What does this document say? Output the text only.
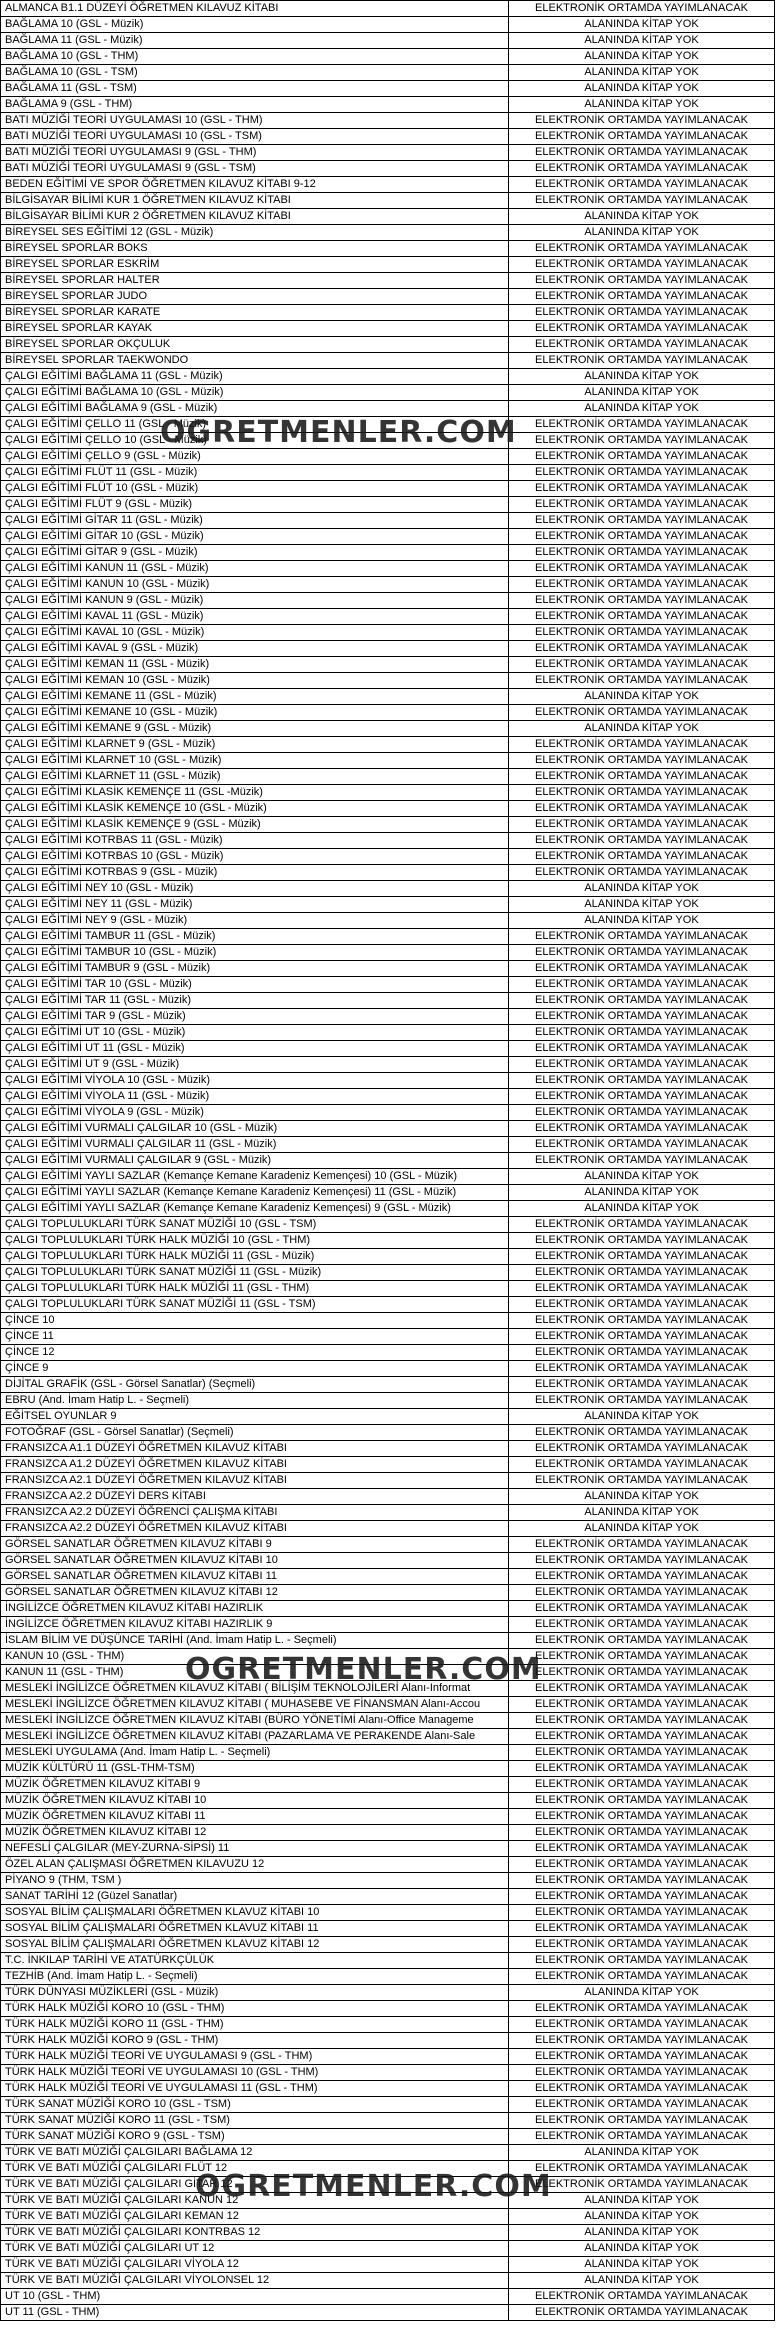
ALMANCA B1.1 DÜZEYİ ÖĞRETMEN KILAVUZ KİTABI	ELEKTRONİK ORTAMDA YAYIMLANACAK
BAĞLAMA 10 (GSL - Müzik)	ALANINDA KİTAP YOK
BAĞLAMA 11 (GSL - Müzik)	ALANINDA KİTAP YOK
BAĞLAMA 10 (GSL - THM)	ALANINDA KİTAP YOK
BAĞLAMA 10 (GSL - TSM)	ALANINDA KİTAP YOK
BAĞLAMA 11 (GSL - TSM)	ALANINDA KİTAP YOK
BAĞLAMA 9 (GSL - THM)	ALANINDA KİTAP YOK
BATI MÜZİĞİ TEORİ UYGULAMASI 10 (GSL - THM)	ELEKTRONİK ORTAMDA YAYIMLANACAK
BATI MÜZİĞİ TEORİ UYGULAMASI 10 (GSL - TSM)	ELEKTRONİK ORTAMDA YAYIMLANACAK
BATI MÜZİĞİ TEORİ UYGULAMASI 9 (GSL - THM)	ELEKTRONİK ORTAMDA YAYIMLANACAK
BATI MÜZİĞİ TEORİ UYGULAMASI 9 (GSL - TSM)	ELEKTRONİK ORTAMDA YAYIMLANACAK
BEDEN EĞİTİMİ VE SPOR ÖĞRETMEN KILAVUZ KİTABI 9-12	ELEKTRONİK ORTAMDA YAYIMLANACAK
BİLGİSAYAR BİLİMİ KUR 1 ÖĞRETMEN KILAVUZ KİTABI	ELEKTRONİK ORTAMDA YAYIMLANACAK
BİLGİSAYAR BİLİMİ KUR 2 ÖĞRETMEN KILAVUZ KİTABI	ALANINDA KİTAP YOK
BİREYSEL SES EĞİTİMİ 12 (GSL - Müzik)	ALANINDA KİTAP YOK
BİREYSEL SPORLAR BOKS	ELEKTRONİK ORTAMDA YAYIMLANACAK
BİREYSEL SPORLAR ESKRİM	ELEKTRONİK ORTAMDA YAYIMLANACAK
BİREYSEL SPORLAR HALTER	ELEKTRONİK ORTAMDA YAYIMLANACAK
BİREYSEL SPORLAR JUDO	ELEKTRONİK ORTAMDA YAYIMLANACAK
BİREYSEL SPORLAR KARATE	ELEKTRONİK ORTAMDA YAYIMLANACAK
BİREYSEL SPORLAR KAYAK	ELEKTRONİK ORTAMDA YAYIMLANACAK
BİREYSEL SPORLAR OKÇULUK	ELEKTRONİK ORTAMDA YAYIMLANACAK
BİREYSEL SPORLAR TAEKWONDO	ELEKTRONİK ORTAMDA YAYIMLANACAK
ÇALGI EĞİTİMİ BAĞLAMA 11 (GSL - Müzik)	ALANINDA KİTAP YOK
ÇALGI EĞİTİMİ BAĞLAMA 10 (GSL - Müzik)	ALANINDA KİTAP YOK
ÇALGI EĞİTİMİ BAĞLAMA 9 (GSL - Müzik)	ALANINDA KİTAP YOK
ÇALGI EĞİTİMİ ÇELLO 11 (GSL - Müzik)	ELEKTRONİK ORTAMDA YAYIMLANACAK
ÇALGI EĞİTİMİ ÇELLO 10 (GSL - Müzik)	ELEKTRONİK ORTAMDA YAYIMLANACAK
ÇALGI EĞİTİMİ ÇELLO 9 (GSL - Müzik)	ELEKTRONİK ORTAMDA YAYIMLANACAK
ÇALGI EĞİTİMİ FLÜT 11 (GSL - Müzik)	ELEKTRONİK ORTAMDA YAYIMLANACAK
ÇALGI EĞİTİMİ FLÜT 10 (GSL - Müzik)	ELEKTRONİK ORTAMDA YAYIMLANACAK
ÇALGI EĞİTİMİ FLÜT 9 (GSL - Müzik)	ELEKTRONİK ORTAMDA YAYIMLANACAK
ÇALGI EĞİTİMİ GİTAR 11 (GSL - Müzik)	ELEKTRONİK ORTAMDA YAYIMLANACAK
ÇALGI EĞİTİMİ GİTAR 10 (GSL - Müzik)	ELEKTRONİK ORTAMDA YAYIMLANACAK
ÇALGI EĞİTİMİ GİTAR 9 (GSL - Müzik)	ELEKTRONİK ORTAMDA YAYIMLANACAK
ÇALGI EĞİTİMİ KANUN 11 (GSL - Müzik)	ELEKTRONİK ORTAMDA YAYIMLANACAK
ÇALGI EĞİTİMİ KANUN 10 (GSL - Müzik)	ELEKTRONİK ORTAMDA YAYIMLANACAK
ÇALGI EĞİTİMİ KANUN 9 (GSL - Müzik)	ELEKTRONİK ORTAMDA YAYIMLANACAK
ÇALGI EĞİTİMİ KAVAL 11 (GSL - Müzik)	ELEKTRONİK ORTAMDA YAYIMLANACAK
ÇALGI EĞİTİMİ KAVAL 10 (GSL - Müzik)	ELEKTRONİK ORTAMDA YAYIMLANACAK
ÇALGI EĞİTİMİ KAVAL 9 (GSL - Müzik)	ELEKTRONİK ORTAMDA YAYIMLANACAK
ÇALGI EĞİTİMİ KEMAN 11 (GSL - Müzik)	ELEKTRONİK ORTAMDA YAYIMLANACAK
ÇALGI EĞİTİMİ KEMAN 10 (GSL - Müzik)	ELEKTRONİK ORTAMDA YAYIMLANACAK
ÇALGI EĞİTİMİ KEMANE 11 (GSL - Müzik)	ALANINDA KİTAP YOK
ÇALGI EĞİTİMİ KEMANE 10 (GSL - Müzik)	ELEKTRONİK ORTAMDA YAYIMLANACAK
ÇALGI EĞİTİMİ KEMANE 9 (GSL - Müzik)	ALANINDA KİTAP YOK
ÇALGI EĞİTİMİ KLARNET 9 (GSL - Müzik)	ELEKTRONİK ORTAMDA YAYIMLANACAK
ÇALGI EĞİTİMİ KLARNET 10 (GSL - Müzik)	ELEKTRONİK ORTAMDA YAYIMLANACAK
ÇALGI EĞİTİMİ KLARNET 11 (GSL - Müzik)	ELEKTRONİK ORTAMDA YAYIMLANACAK
ÇALGI EĞİTİMİ KLASİK KEMENÇE 11 (GSL -Müzik)	ELEKTRONİK ORTAMDA YAYIMLANACAK
ÇALGI EĞİTİMİ KLASİK KEMENÇE 10 (GSL - Müzik)	ELEKTRONİK ORTAMDA YAYIMLANACAK
ÇALGI EĞİTİMİ KLASİK KEMENÇE 9 (GSL - Müzik)	ELEKTRONİK ORTAMDA YAYIMLANACAK
ÇALGI EĞİTİMİ KOTRBAS 11 (GSL - Müzik)	ELEKTRONİK ORTAMDA YAYIMLANACAK
ÇALGI EĞİTİMİ KOTRBAS 10 (GSL - Müzik)	ELEKTRONİK ORTAMDA YAYIMLANACAK
ÇALGI EĞİTİMİ KOTRBAS 9 (GSL - Müzik)	ELEKTRONİK ORTAMDA YAYIMLANACAK
ÇALGI EĞİTİMİ NEY 10 (GSL - Müzik)	ALANINDA KİTAP YOK
ÇALGI EĞİTİMİ NEY 11 (GSL - Müzik)	ALANINDA KİTAP YOK
ÇALGI EĞİTİMİ NEY 9 (GSL - Müzik)	ALANINDA KİTAP YOK
ÇALGI EĞİTİMİ TAMBUR 11 (GSL - Müzik)	ELEKTRONİK ORTAMDA YAYIMLANACAK
ÇALGI EĞİTİMİ TAMBUR 10 (GSL - Müzik)	ELEKTRONİK ORTAMDA YAYIMLANACAK
ÇALGI EĞİTİMİ TAMBUR 9 (GSL - Müzik)	ELEKTRONİK ORTAMDA YAYIMLANACAK
ÇALGI EĞİTİMİ TAR 10 (GSL - Müzik)	ELEKTRONİK ORTAMDA YAYIMLANACAK
ÇALGI EĞİTİMİ TAR 11 (GSL - Müzik)	ELEKTRONİK ORTAMDA YAYIMLANACAK
ÇALGI EĞİTİMİ TAR 9 (GSL - Müzik)	ELEKTRONİK ORTAMDA YAYIMLANACAK
ÇALGI EĞİTİMİ UT 10 (GSL - Müzik)	ELEKTRONİK ORTAMDA YAYIMLANACAK
ÇALGI EĞİTİMİ UT 11 (GSL - Müzik)	ELEKTRONİK ORTAMDA YAYIMLANACAK
ÇALGI EĞİTİMİ UT 9 (GSL - Müzik)	ELEKTRONİK ORTAMDA YAYIMLANACAK
ÇALGI EĞİTİMİ VİYOLA 10 (GSL - Müzik)	ELEKTRONİK ORTAMDA YAYIMLANACAK
ÇALGI EĞİTİMİ VİYOLA 11 (GSL - Müzik)	ELEKTRONİK ORTAMDA YAYIMLANACAK
ÇALGI EĞİTİMİ VİYOLA 9 (GSL - Müzik)	ELEKTRONİK ORTAMDA YAYIMLANACAK
ÇALGI EĞİTİMİ VURMALI ÇALGILAR 10 (GSL - Müzik)	ELEKTRONİK ORTAMDA YAYIMLANACAK
ÇALGI EĞİTİMİ VURMALI ÇALGILAR 11 (GSL - Müzik)	ELEKTRONİK ORTAMDA YAYIMLANACAK
ÇALGI EĞİTİMİ VURMALI ÇALGILAR 9 (GSL - Müzik)	ELEKTRONİK ORTAMDA YAYIMLANACAK
ÇALGI EĞİTİMİ YAYLI SAZLAR (Kemançe Kemane Karadeniz Kemençesi) 10 (GSL - Müzik)	ALANINDA KİTAP YOK
ÇALGI EĞİTİMİ YAYLI SAZLAR (Kemançe Kemane Karadeniz Kemençesi) 11 (GSL - Müzik)	ALANINDA KİTAP YOK
ÇALGI EĞİTİMİ YAYLI SAZLAR (Kemançe Kemane Karadeniz Kemençesi) 9 (GSL - Müzik)	ALANINDA KİTAP YOK
ÇALGI TOPLULUKLARI TÜRK SANAT MÜZİĞİ 10 (GSL - TSM)	ELEKTRONİK ORTAMDA YAYIMLANACAK
ÇALGI TOPLULUKLARI TÜRK HALK MÜZİĞİ 10 (GSL - THM)	ELEKTRONİK ORTAMDA YAYIMLANACAK
ÇALGI TOPLULUKLARI TÜRK HALK MÜZİĞİ 11 (GSL - Müzik)	ELEKTRONİK ORTAMDA YAYIMLANACAK
ÇALGI TOPLULUKLARI TÜRK SANAT MÜZİĞİ 11 (GSL - Müzik)	ELEKTRONİK ORTAMDA YAYIMLANACAK
ÇALGI TOPLULUKLARI TÜRK HALK MÜZİĞİ 11 (GSL - THM)	ELEKTRONİK ORTAMDA YAYIMLANACAK
ÇALGI TOPLULUKLARI TÜRK SANAT MÜZİĞİ 11 (GSL - TSM)	ELEKTRONİK ORTAMDA YAYIMLANACAK
ÇİNCE 10	ELEKTRONİK ORTAMDA YAYIMLANACAK
ÇİNCE 11	ELEKTRONİK ORTAMDA YAYIMLANACAK
ÇİNCE 12	ELEKTRONİK ORTAMDA YAYIMLANACAK
ÇİNCE 9	ELEKTRONİK ORTAMDA YAYIMLANACAK
DİJİTAL GRAFİK (GSL - Görsel Sanatlar) (Seçmeli)	ELEKTRONİK ORTAMDA YAYIMLANACAK
EBRU (And. İmam Hatip L. - Seçmeli)	ELEKTRONİK ORTAMDA YAYIMLANACAK
EĞİTSEL OYUNLAR 9	ALANINDA KİTAP YOK
FOTOĞRAF (GSL - Görsel Sanatlar) (Seçmeli)	ELEKTRONİK ORTAMDA YAYIMLANACAK
FRANSIZCA A1.1 DÜZEYİ ÖĞRETMEN KILAVUZ KİTABI	ELEKTRONİK ORTAMDA YAYIMLANACAK
FRANSIZCA A1.2 DÜZEYİ ÖĞRETMEN KILAVUZ KİTABI	ELEKTRONİK ORTAMDA YAYIMLANACAK
FRANSIZCA A2.1 DÜZEYİ ÖĞRETMEN KILAVUZ KİTABI	ELEKTRONİK ORTAMDA YAYIMLANACAK
FRANSIZCA A2.2 DÜZEYİ DERS KİTABI	ALANINDA KİTAP YOK
FRANSIZCA A2.2 DÜZEYİ ÖĞRENCİ ÇALIŞMA KİTABI	ALANINDA KİTAP YOK
FRANSIZCA A2.2 DÜZEYİ ÖĞRETMEN KILAVUZ KİTABI	ALANINDA KİTAP YOK
GÖRSEL SANATLAR ÖĞRETMEN KILAVUZ KİTABI 9	ELEKTRONİK ORTAMDA YAYIMLANACAK
GÖRSEL SANATLAR ÖĞRETMEN KILAVUZ KİTABI 10	ELEKTRONİK ORTAMDA YAYIMLANACAK
GÖRSEL SANATLAR ÖĞRETMEN KILAVUZ KİTABI 11	ELEKTRONİK ORTAMDA YAYIMLANACAK
GÖRSEL SANATLAR ÖĞRETMEN KILAVUZ KİTABI 12	ELEKTRONİK ORTAMDA YAYIMLANACAK
İNGİLİZCE ÖĞRETMEN KILAVUZ KİTABI HAZIRLIK	ELEKTRONİK ORTAMDA YAYIMLANACAK
İNGİLİZCE ÖĞRETMEN KILAVUZ KİTABI HAZIRLIK 9	ELEKTRONİK ORTAMDA YAYIMLANACAK
İSLAM BİLİM VE DÜŞÜNCE TARİHİ (And. İmam Hatip L. - Seçmeli)	ELEKTRONİK ORTAMDA YAYIMLANACAK
KANUN 10 (GSL - THM)	ELEKTRONİK ORTAMDA YAYIMLANACAK
KANUN 11 (GSL - THM)	ELEKTRONİK ORTAMDA YAYIMLANACAK
MESLEKİ İNGİLİZCE ÖĞRETMEN KILAVUZ KİTABI ( BİLİŞİM TEKNOLOJİLERİ Alanı-Informat	ELEKTRONİK ORTAMDA YAYIMLANACAK
MESLEKİ İNGİLİZCE ÖĞRETMEN KILAVUZ KİTABI ( MUHASEBE VE FİNANSMAN Alanı-Accou	ELEKTRONİK ORTAMDA YAYIMLANACAK
MESLEKİ İNGİLİZCE ÖĞRETMEN KILAVUZ KİTABI (BÜRO YÖNETİMİ Alanı-Office Manageme	ELEKTRONİK ORTAMDA YAYIMLANACAK
MESLEKİ İNGİLİZCE ÖĞRETMEN KILAVUZ KİTABI (PAZARLAMA VE PERAKENDE Alanı-Sale	ELEKTRONİK ORTAMDA YAYIMLANACAK
MESLEKİ UYGULAMA (And. İmam Hatip L. - Seçmeli)	ELEKTRONİK ORTAMDA YAYIMLANACAK
MÜZİK KÜLTÜRÜ 11 (GSL-THM-TSM)	ELEKTRONİK ORTAMDA YAYIMLANACAK
MÜZİK ÖĞRETMEN KILAVUZ KİTABI 9	ELEKTRONİK ORTAMDA YAYIMLANACAK
MÜZİK ÖĞRETMEN KILAVUZ KİTABI 10	ELEKTRONİK ORTAMDA YAYIMLANACAK
MÜZİK ÖĞRETMEN KILAVUZ KİTABI 11	ELEKTRONİK ORTAMDA YAYIMLANACAK
MÜZİK ÖĞRETMEN KILAVUZ KİTABI 12	ELEKTRONİK ORTAMDA YAYIMLANACAK
NEFESLİ ÇALGILAR (MEY-ZURNA-SİPSİ) 11	ELEKTRONİK ORTAMDA YAYIMLANACAK
ÖZEL ALAN ÇALIŞMASI ÖĞRETMEN KILAVUZU 12	ELEKTRONİK ORTAMDA YAYIMLANACAK
PİYANO 9 (THM, TSM )	ELEKTRONİK ORTAMDA YAYIMLANACAK
SANAT TARİHİ 12 (Güzel Sanatlar)	ELEKTRONİK ORTAMDA YAYIMLANACAK
SOSYAL BİLİM ÇALIŞMALARI ÖĞRETMEN KLAVUZ KİTABI 10	ELEKTRONİK ORTAMDA YAYIMLANACAK
SOSYAL BİLİM ÇALIŞMALARI ÖĞRETMEN KLAVUZ KİTABI 11	ELEKTRONİK ORTAMDA YAYIMLANACAK
SOSYAL BİLİM ÇALIŞMALARI ÖĞRETMEN KLAVUZ KİTABI 12	ELEKTRONİK ORTAMDA YAYIMLANACAK
T.C. İNKILAP TARİHİ VE ATATÜRKÇÜLÜK	ELEKTRONİK ORTAMDA YAYIMLANACAK
TEZHİB (And. İmam Hatip L. - Seçmeli)	ELEKTRONİK ORTAMDA YAYIMLANACAK
TÜRK DÜNYASI MÜZİKLERİ (GSL - Müzik)	ALANINDA KİTAP YOK
TÜRK HALK MÜZİĞİ KORO 10 (GSL - THM)	ELEKTRONİK ORTAMDA YAYIMLANACAK
TÜRK HALK MÜZİĞİ KORO 11 (GSL - THM)	ELEKTRONİK ORTAMDA YAYIMLANACAK
TÜRK HALK MÜZİĞİ KORO 9 (GSL - THM)	ELEKTRONİK ORTAMDA YAYIMLANACAK
TÜRK HALK MÜZİĞİ TEORİ VE UYGULAMASI 9 (GSL - THM)	ELEKTRONİK ORTAMDA YAYIMLANACAK
TÜRK HALK MÜZİĞİ TEORİ VE UYGULAMASI 10 (GSL - THM)	ELEKTRONİK ORTAMDA YAYIMLANACAK
TÜRK HALK MÜZİĞİ TEORİ VE UYGULAMASI 11 (GSL - THM)	ELEKTRONİK ORTAMDA YAYIMLANACAK
TÜRK SANAT MÜZİĞİ KORO 10 (GSL - TSM)	ELEKTRONİK ORTAMDA YAYIMLANACAK
TÜRK SANAT MÜZİĞİ KORO 11 (GSL - TSM)	ELEKTRONİK ORTAMDA YAYIMLANACAK
TÜRK SANAT MÜZİĞİ KORO 9 (GSL - TSM)	ELEKTRONİK ORTAMDA YAYIMLANACAK
TÜRK VE BATI MÜZİĞİ ÇALGILARI BAĞLAMA 12	ALANINDA KİTAP YOK
TÜRK VE BATI MÜZİĞİ ÇALGILARI FLÜT 12	ELEKTRONİK ORTAMDA YAYIMLANACAK
TÜRK VE BATI MÜZİĞİ ÇALGILARI GİTAR 12	ELEKTRONİK ORTAMDA YAYIMLANACAK
TÜRK VE BATI MÜZİĞİ ÇALGILARI KANUN 12	ALANINDA KİTAP YOK
TÜRK VE BATI MÜZİĞİ ÇALGILARI KEMAN 12	ALANINDA KİTAP YOK
TÜRK VE BATI MÜZİĞİ ÇALGILARI KONTRBAS 12	ALANINDA KİTAP YOK
TÜRK VE BATI MÜZİĞİ ÇALGILARI UT 12	ALANINDA KİTAP YOK
TÜRK VE BATI MÜZİĞİ ÇALGILARI VİYOLA 12	ALANINDA KİTAP YOK
TÜRK VE BATI MÜZİĞİ ÇALGILARI VİYOLONSEL 12	ALANINDA KİTAP YOK
UT 10 (GSL - THM)	ELEKTRONİK ORTAMDA YAYIMLANACAK
UT 11 (GSL - THM)	ELEKTRONİK ORTAMDA YAYIMLANACAK
OGRETMENLER.COM
OGRETMENLER.COM
OGRETMENLER.COM
